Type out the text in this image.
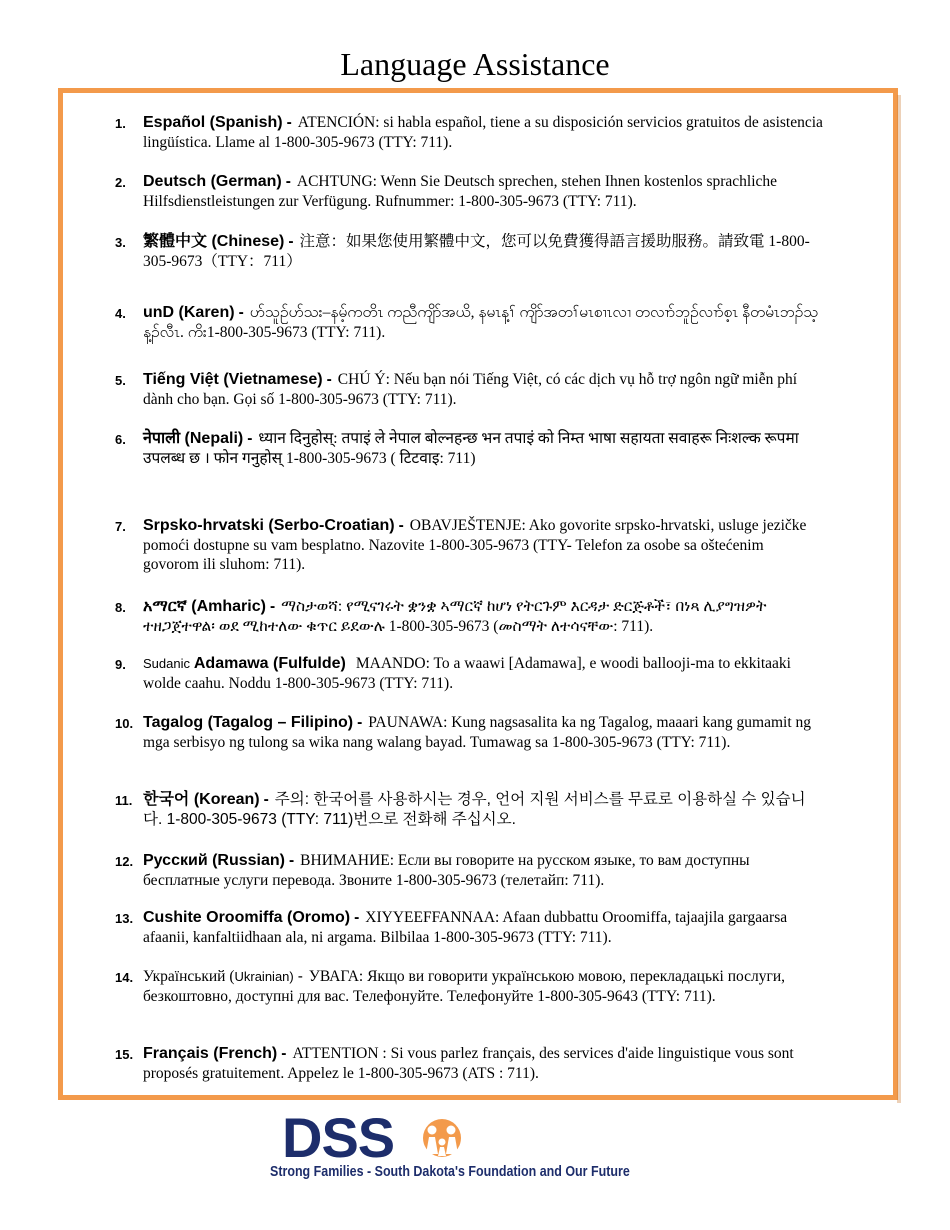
Language Assistance
1. Español (Spanish) - ATENCIÓN: si habla español, tiene a su disposición servicios gratuitos de asistencia lingüística. Llame al 1-800-305-9673 (TTY: 711).
2. Deutsch (German) - ACHTUNG: Wenn Sie Deutsch sprechen, stehen Ihnen kostenlos sprachliche Hilfsdienstleistungen zur Verfügung. Rufnummer: 1-800-305-9673 (TTY: 711).
3. 繁體中文 (Chinese) - 注意：如果您使用繁體中文，您可以免費獲得語言援助服務。請致電 1-800-305-9673（TTY：711）
4. unD (Karen) - ဟ်သူဉ်ဟ်သး–နမ့်ကတိၤ ကညီကျိာ်အယိ, နမၤန့ၢ် ကျိာ်အတၢ်မၤစၢၤလၢ တလၢာ်ဘူဉ်လၢာ်စ့ၤ နီတမံၤဘၣ်သ့န့ၣ်လီၤ. ကိး1-800-305-9673 (TTY: 711).
5. Tiếng Việt (Vietnamese) - CHÚ Ý: Nếu bạn nói Tiếng Việt, có các dịch vụ hỗ trợ ngôn ngữ miễn phí dành cho bạn. Gọi số 1-800-305-9673 (TTY: 711).
6. नेपाली (Nepali) - ध्यान दिनुहोस्: तपाइं ले नेपाल बोल्नहन्छ भन तपाइं को निम्त भाषा सहायता सवाहरू निःशल्क रूपमा उपलब्ध छ । फोन गनुहोस् 1-800-305-9673 ( टिटवाइ: 711)
7. Srpsko-hrvatski (Serbo-Croatian) - OBAVJEŠTENJE: Ako govorite srpsko-hrvatski, usluge jezičke pomoći dostupne su vam besplatno. Nazovite 1-800-305-9673 (TTY- Telefon za osobe sa oštećenim govorom ili sluhom: 711).
8. አማርኛ (Amharic) - ማስታወሻ: የሚናገሩት ቋንቋ ኣማርኛ ከሆነ የትርጉም እርዳታ ድርጅቶች፣ በነጻ ሊያግዝዎት ተዘጋጀተዋል፡ ወደ ሚከተለው ቁጥር ይደውሉ 1-800-305-9673 (መስማት ለተሳናቸው: 711).
9. Sudanic Adamawa (Fulfulde) MAANDO: To a waawi [Adamawa], e woodi ballooji-ma to ekkitaaki wolde caahu. Noddu 1-800-305-9673 (TTY: 711).
10. Tagalog (Tagalog – Filipino) - PAUNAWA: Kung nagsasalita ka ng Tagalog, maaari kang gumamit ng mga serbisyo ng tulong sa wika nang walang bayad. Tumawag sa 1-800-305-9673 (TTY: 711).
11. 한국어 (Korean) - 주의: 한국어를 사용하시는 경우, 언어 지원 서비스를 무료로 이용하실 수 있습니다. 1-800-305-9673 (TTY: 711)번으로 전화해 주십시오.
12. Русский (Russian) - ВНИМАНИЕ: Если вы говорите на русском языке, то вам доступны бесплатные услуги перевода. Звоните 1-800-305-9673 (телетайп: 711).
13. Cushite Oroomiffa (Oromo) - XIYYEEFFANNAA: Afaan dubbattu Oroomiffa, tajaajila gargaarsa afaanii, kanfaltiidhaan ala, ni argama. Bilbilaa 1-800-305-9673 (TTY: 711).
14. Український (Ukrainian) - УВАГА: Якщо ви говорити українською мовою, перекладацькі послуги, безкоштовно, доступні для вас. Телефонуйте. Телефонуйте 1-800-305-9643 (TTY: 711).
15. Français (French) - ATTENTION : Si vous parlez français, des services d'aide linguistique vous sont proposés gratuitement. Appelez le 1-800-305-9673 (ATS : 711).
DSS
Strong Families - South Dakota's Foundation and Our Future
